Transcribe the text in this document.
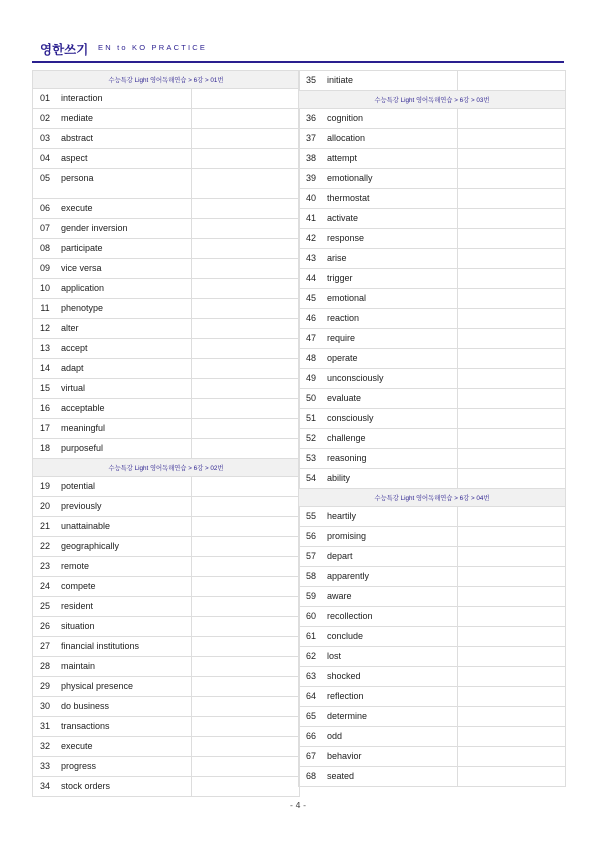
영한쓰기 EN to KO PRACTICE
수능특강 Light 영어독해연습 > 6강 > 01번
01	interaction
02	mediate
03	abstract
04	aspect
05	persona
06	execute
07	gender inversion
08	participate
09	vice versa
10	application
11	phenotype
12	alter
13	accept
14	adapt
15	virtual
16	acceptable
17	meaningful
18	purposeful
수능특강 Light 영어독해연습 > 6강 > 02번
19	potential
20	previously
21	unattainable
22	geographically
23	remote
24	compete
25	resident
26	situation
27	financial institutions
28	maintain
29	physical presence
30	do business
31	transactions
32	execute
33	progress
34	stock orders
35	initiate
수능특강 Light 영어독해연습 > 6강 > 03번
36	cognition
37	allocation
38	attempt
39	emotionally
40	thermostat
41	activate
42	response
43	arise
44	trigger
45	emotional
46	reaction
47	require
48	operate
49	unconsciously
50	evaluate
51	consciously
52	challenge
53	reasoning
54	ability
수능특강 Light 영어독해연습 > 6강 > 04번
55	heartily
56	promising
57	depart
58	apparently
59	aware
60	recollection
61	conclude
62	lost
63	shocked
64	reflection
65	determine
66	odd
67	behavior
68	seated
- 4 -
